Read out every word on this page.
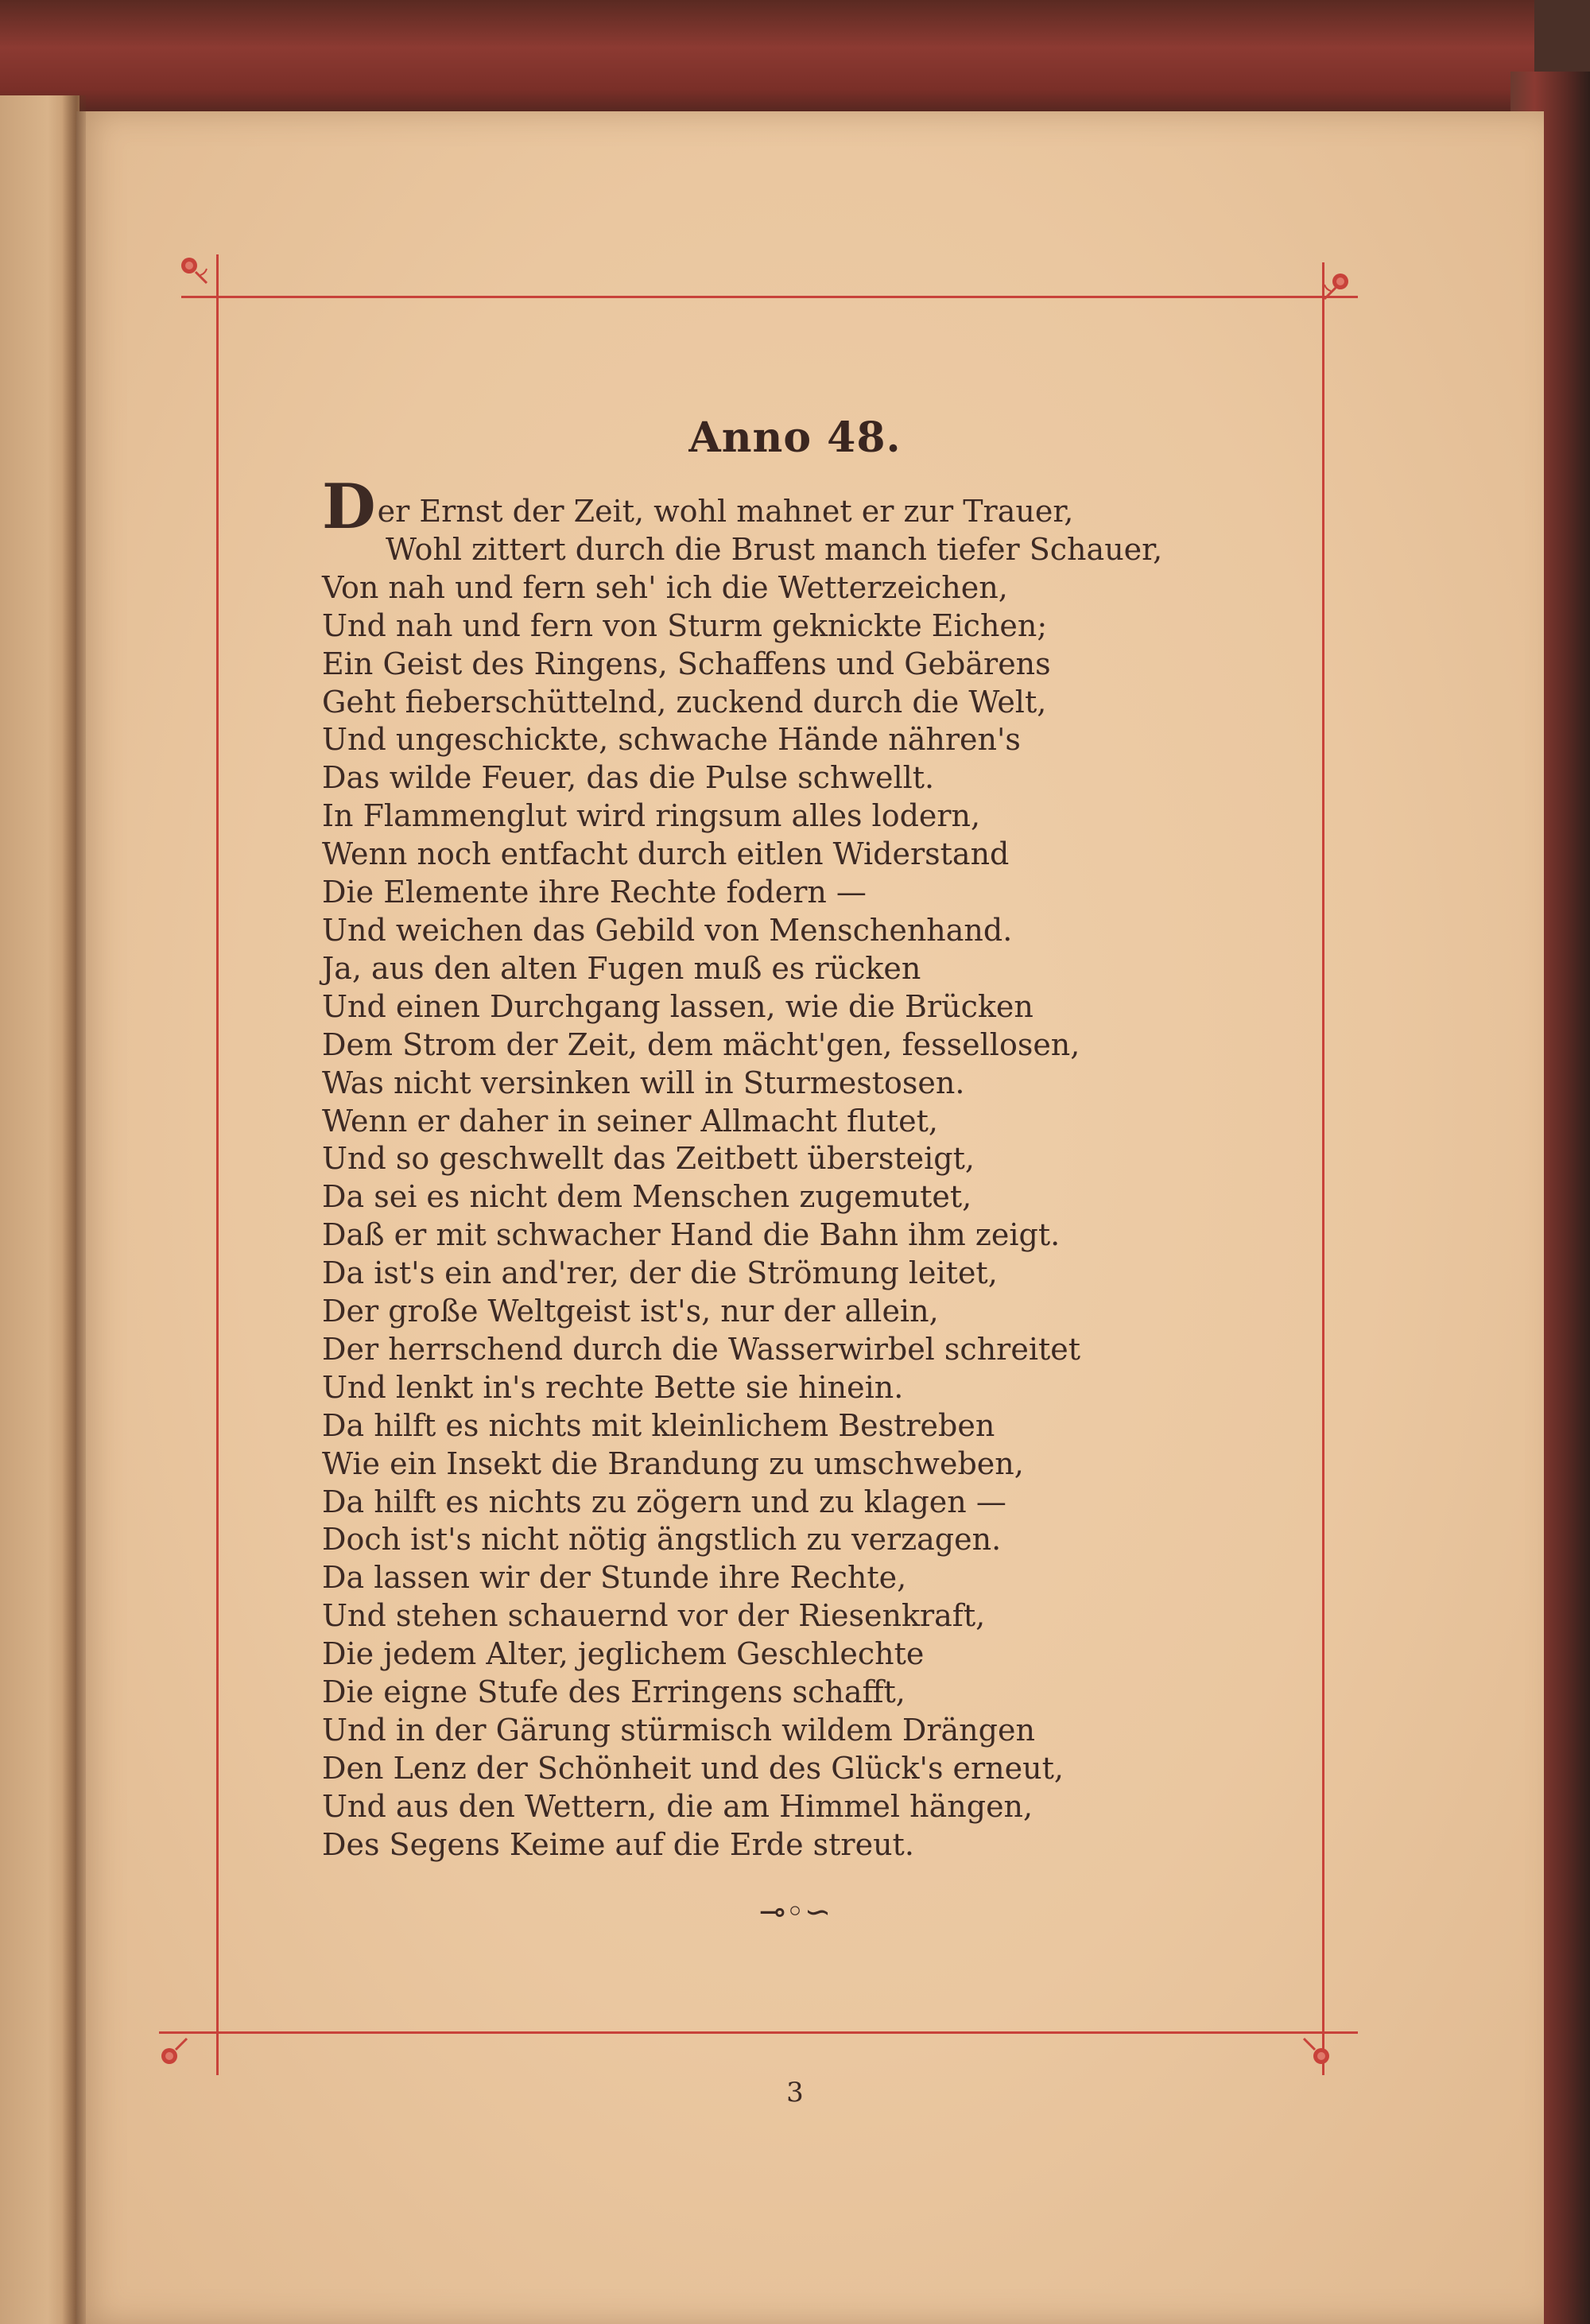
Anno 48.
Der Ernst der Zeit, wohl mahnet er zur Trauer,
Wohl zittert durch die Brust manch tiefer Schauer,
Von nah und fern seh' ich die Wetterzeichen,
Und nah und fern von Sturm geknickte Eichen;
Ein Geist des Ringens, Schaffens und Gebärens
Geht fieberschüttelnd, zuckend durch die Welt,
Und ungeschickte, schwache Hände nähren's
Das wilde Feuer, das die Pulse schwellt.
In Flammenglut wird ringsum alles lodern,
Wenn noch entfacht durch eitlen Widerstand
Die Elemente ihre Rechte fodern —
Und weichen das Gebild von Menschenhand.
Ja, aus den alten Fugen muß es rücken
Und einen Durchgang lassen, wie die Brücken
Dem Strom der Zeit, dem mächt'gen, fessellosen,
Was nicht versinken will in Sturmestosen.
Wenn er daher in seiner Allmacht flutet,
Und so geschwellt das Zeitbett übersteigt,
Da sei es nicht dem Menschen zugemutet,
Daß er mit schwacher Hand die Bahn ihm zeigt.
Da ist's ein and'rer, der die Strömung leitet,
Der große Weltgeist ist's, nur der allein,
Der herrschend durch die Wasserwirbel schreitet
Und lenkt in's rechte Bette sie hinein.
Da hilft es nichts mit kleinlichem Bestreben
Wie ein Insekt die Brandung zu umschweben,
Da hilft es nichts zu zögern und zu klagen —
Doch ist's nicht nötig ängstlich zu verzagen.
Da lassen wir der Stunde ihre Rechte,
Und stehen schauernd vor der Riesenkraft,
Die jedem Alter, jeglichem Geschlechte
Die eigne Stufe des Erringens schafft,
Und in der Gärung stürmisch wildem Drängen
Den Lenz der Schönheit und des Glück's erneut,
Und aus den Wettern, die am Himmel hängen,
Des Segens Keime auf die Erde streut.
⊸◦∽
3
